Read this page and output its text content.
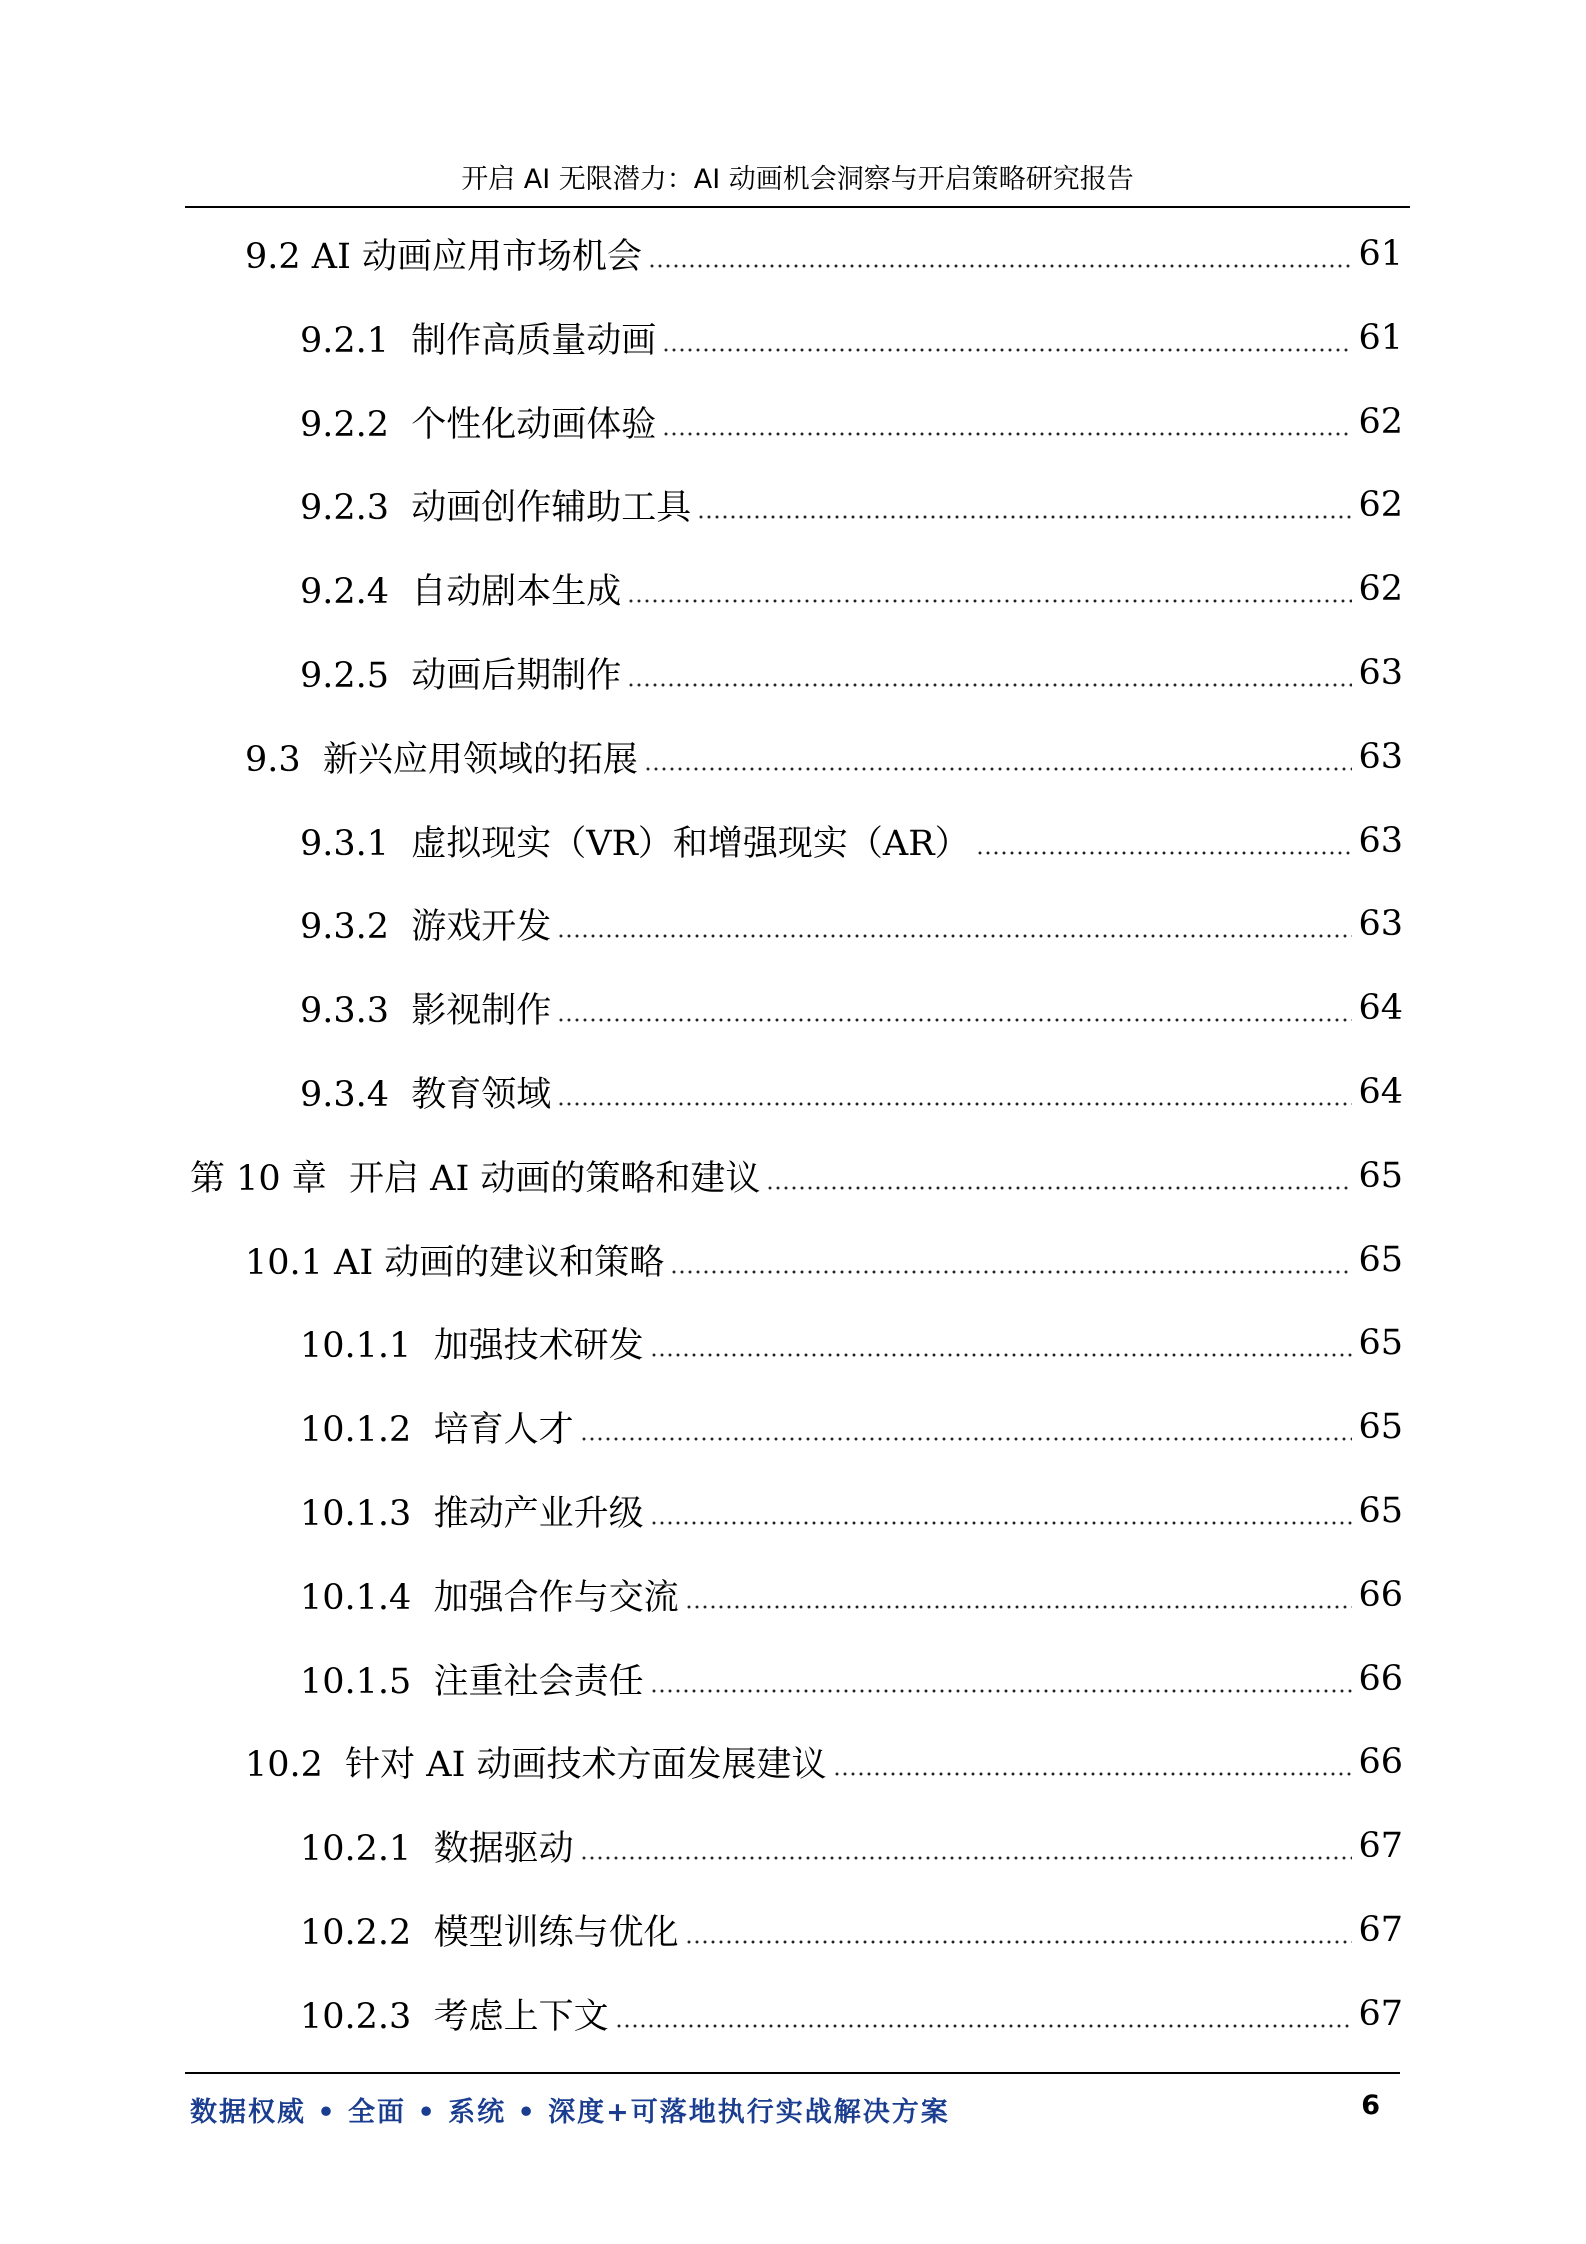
开启 AI 无限潜力：AI 动画机会洞察与开启策略研究报告
9.2 AI 动画应用市场机会	61
9.2.1  制作高质量动画	61
9.2.2  个性化动画体验	62
9.2.3  动画创作辅助工具	62
9.2.4  自动剧本生成	62
9.2.5  动画后期制作	63
9.3  新兴应用领域的拓展	63
9.3.1  虚拟现实（VR）和增强现实（AR）	63
9.3.2  游戏开发	63
9.3.3  影视制作	64
9.3.4  教育领域	64
第 10 章  开启 AI 动画的策略和建议	65
10.1 AI 动画的建议和策略	65
10.1.1  加强技术研发	65
10.1.2  培育人才	65
10.1.3  推动产业升级	65
10.1.4  加强合作与交流	66
10.1.5  注重社会责任	66
10.2  针对 AI 动画技术方面发展建议	66
10.2.1  数据驱动	67
10.2.2  模型训练与优化	67
10.2.3  考虑上下文	67
数据权威 • 全面 • 系统 • 深度+可落地执行实战解决方案	6
